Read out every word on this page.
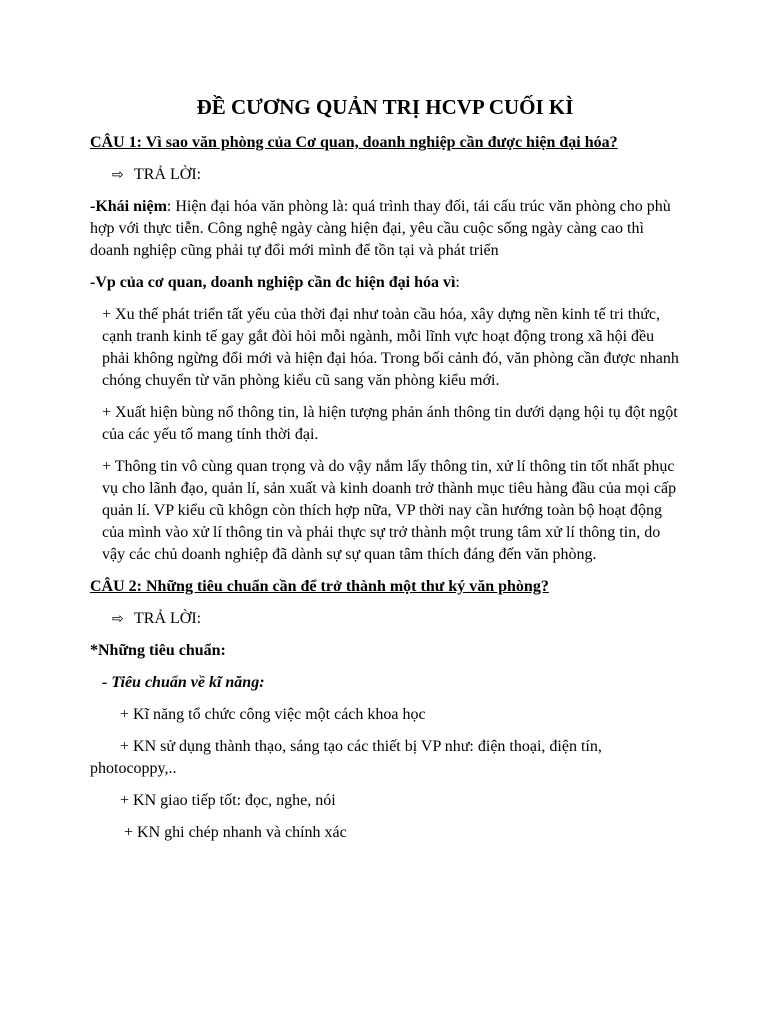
ĐỀ CƯƠNG QUẢN TRỊ HCVP CUỐI KÌ
CÂU 1: Vì sao văn phòng của Cơ quan, doanh nghiệp cần được hiện đại hóa?
⇨ TRẢ LỜI:

-Khái niệm: Hiện đại hóa văn phòng là: quá trình thay đối, tái cấu trúc văn phòng cho phù hợp với thực tiễn. Công nghệ ngày càng hiện đại, yêu cầu cuộc sống ngày càng cao thì doanh nghiệp cũng phải tự đổi mới mình để tồn tại và phát triển

-Vp của cơ quan, doanh nghiệp cần đc hiện đại hóa vì:

+ Xu thế phát triển tất yếu của thời đại như toàn cầu hóa, xây dựng nền kinh tế tri thức, cạnh tranh kinh tế gay gắt đòi hỏi mỗi ngành, mỗi lĩnh vực hoạt động trong xã hội đều phải không ngừng đổi mới và hiện đại hóa. Trong bối cảnh đó, văn phòng cần được nhanh chóng chuyển từ văn phòng kiểu cũ sang văn phòng kiểu mới.

+ Xuất hiện bùng nổ thông tin, là hiện tượng phản ánh thông tin dưới dạng hội tụ đột ngột của các yếu tố mang tính thời đại.

+ Thông tin vô cùng quan trọng và do vậy nắm lấy thông tin, xử lí thông tin tốt nhất phục vụ cho lãnh đạo, quản lí, sản xuất và kinh doanh trở thành mục tiêu hàng đầu của mọi cấp quản lí. VP kiểu cũ khôgn còn thích hợp nữa, VP thời nay cần hướng toàn bộ hoạt động của mình vào xử lí thông tin và phải thực sự trở thành một trung tâm xử lí thông tin, do vậy các chủ doanh nghiệp đã dành sự sự quan tâm thích đáng đến văn phòng.

CÂU 2: Những tiêu chuẩn cần để trở thành một thư ký văn phòng?
⇨ TRẢ LỜI:

*Những tiêu chuẩn:

- Tiêu chuẩn về kĩ năng:

+ Kĩ năng tổ chức công việc một cách khoa học

+ KN sử dụng thành thạo, sáng tạo các thiết bị VP như: điện thoại, điện tín, photocoppy,..

+ KN giao tiếp tốt: đọc, nghe, nói

+ KN ghi chép nhanh và chính xác
